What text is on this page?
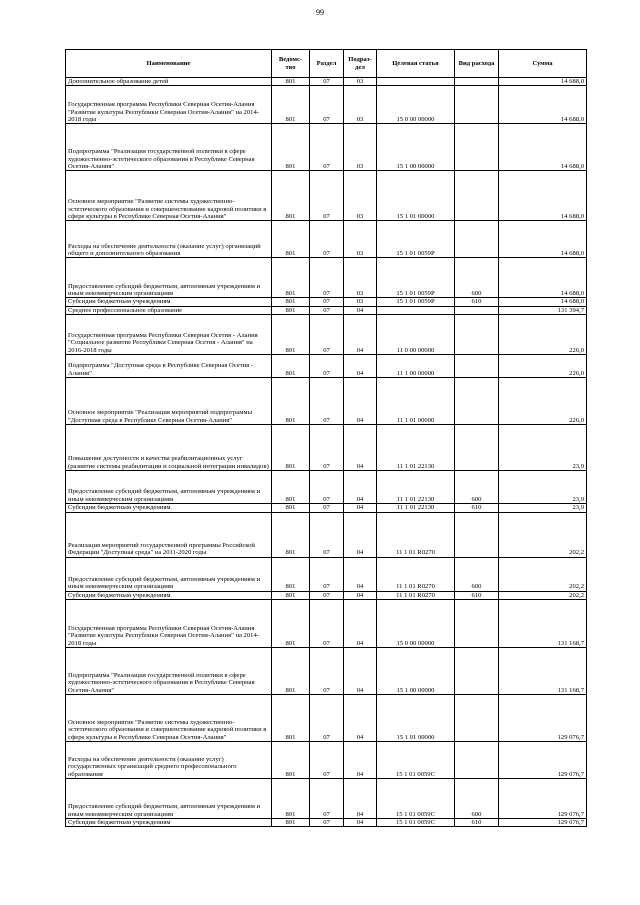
99
Наименование	Ведомс-тво	Раздел	Подраз-дел	Целевая статья	Вид расхода	Сумма
Дополнительное образование детей	801	07	03			14 688,0
Государственная программа Республики Северная Осетия-Алания "Развитие культуры Республики Северная Осетия-Алания" на 2014-2018 годы	801	07	03	15 0 00 00000		14 688,0
Подпрограмма "Реализация государственной политики в сфере художественно-эстетического образования в Республике Северная Осетия-Алания"	801	07	03	15 1 00 00000		14 688,0
Основное мероприятие "Развитие системы художественно-эстетического образования и совершенствование кадровой политики в сфере культуры в Республике Северная Осетия-Алания"	801	07	03	15 1 01 00000		14 688,0
Расходы на обеспечение деятельности (оказание услуг) организаций общего и дополнительного образования	801	07	03	15 1 01 0059Р		14 688,0
Предоставление субсидий бюджетным, автономным учреждениям и иным некоммерческим организациям	801	07	03	15 1 01 0059Р	600	14 688,0
Субсидии бюджетным учреждениям	801	07	03	15 1 01 0059Р	610	14 688,0
Среднее профессиональное образование	801	07	04			131 394,7
Государственная программа Республики Северная Осетия - Алания "Социальное развитие Республики Северная Осетия - Алания" на 2016-2018 годы	801	07	04	11 0 00 00000		226,0
Подпрограмма "Доступная среда в Республике Северная Осетия - Алания"	801	07	04	11 1 00 00000		226,0
Основное мероприятие "Реализация мероприятий подпрограммы "Доступная среда в Республике Северная Осетия-Алания"	801	07	04	11 1 01 00000		226,0
Повышение доступности и качества реабилитационных услуг (развитие системы реабилитации и социальной интеграции инвалидов)	801	07	04	11 1 01 22130		23,9
Предоставление субсидий бюджетным, автономным учреждениям и иным некоммерческим организациям	801	07	04	11 1 01 22130	600	23,9
Субсидии бюджетным учреждениям	801	07	04	11 1 01 22130	610	23,9
Реализация мероприятий государственной программы Российской Федерации "Доступная среда" на 2011-2020 годы	801	07	04	11 1 01 R0270		202,2
Предоставление субсидий бюджетным, автономным учреждениям и иным некоммерческим организациям	801	07	04	11 1 01 R0270	600	202,2
Субсидии бюджетным учреждениям	801	07	04	11 1 01 R0270	610	202,2
Государственная программа Республики Северная Осетия-Алания "Развитие культуры Республики Северная Осетия-Алания" на 2014-2018 годы	801	07	04	15 0 00 00000		131 168,7
Подпрограмма "Реализация государственной политики в сфере художественно-эстетического образования в Республике Северная Осетия-Алания"	801	07	04	15 1 00 00000		131 168,7
Основное мероприятие "Развитие системы художественно-эстетического образования и совершенствование кадровой политики в сфере культуры в Республике Северная Осетия-Алания"	801	07	04	15 1 01 00000		129 076,7
Расходы на обеспечение деятельности (оказание услуг) государственных организаций среднего профессионального образования	801	07	04	15 1 01 0059С		129 076,7
Предоставление субсидий бюджетным, автономным учреждениям и иным некоммерческим организациям	801	07	04	15 1 01 0059С	600	129 076,7
Субсидии бюджетным учреждениям	801	07	04	15 1 01 0059С	610	129 076,7
